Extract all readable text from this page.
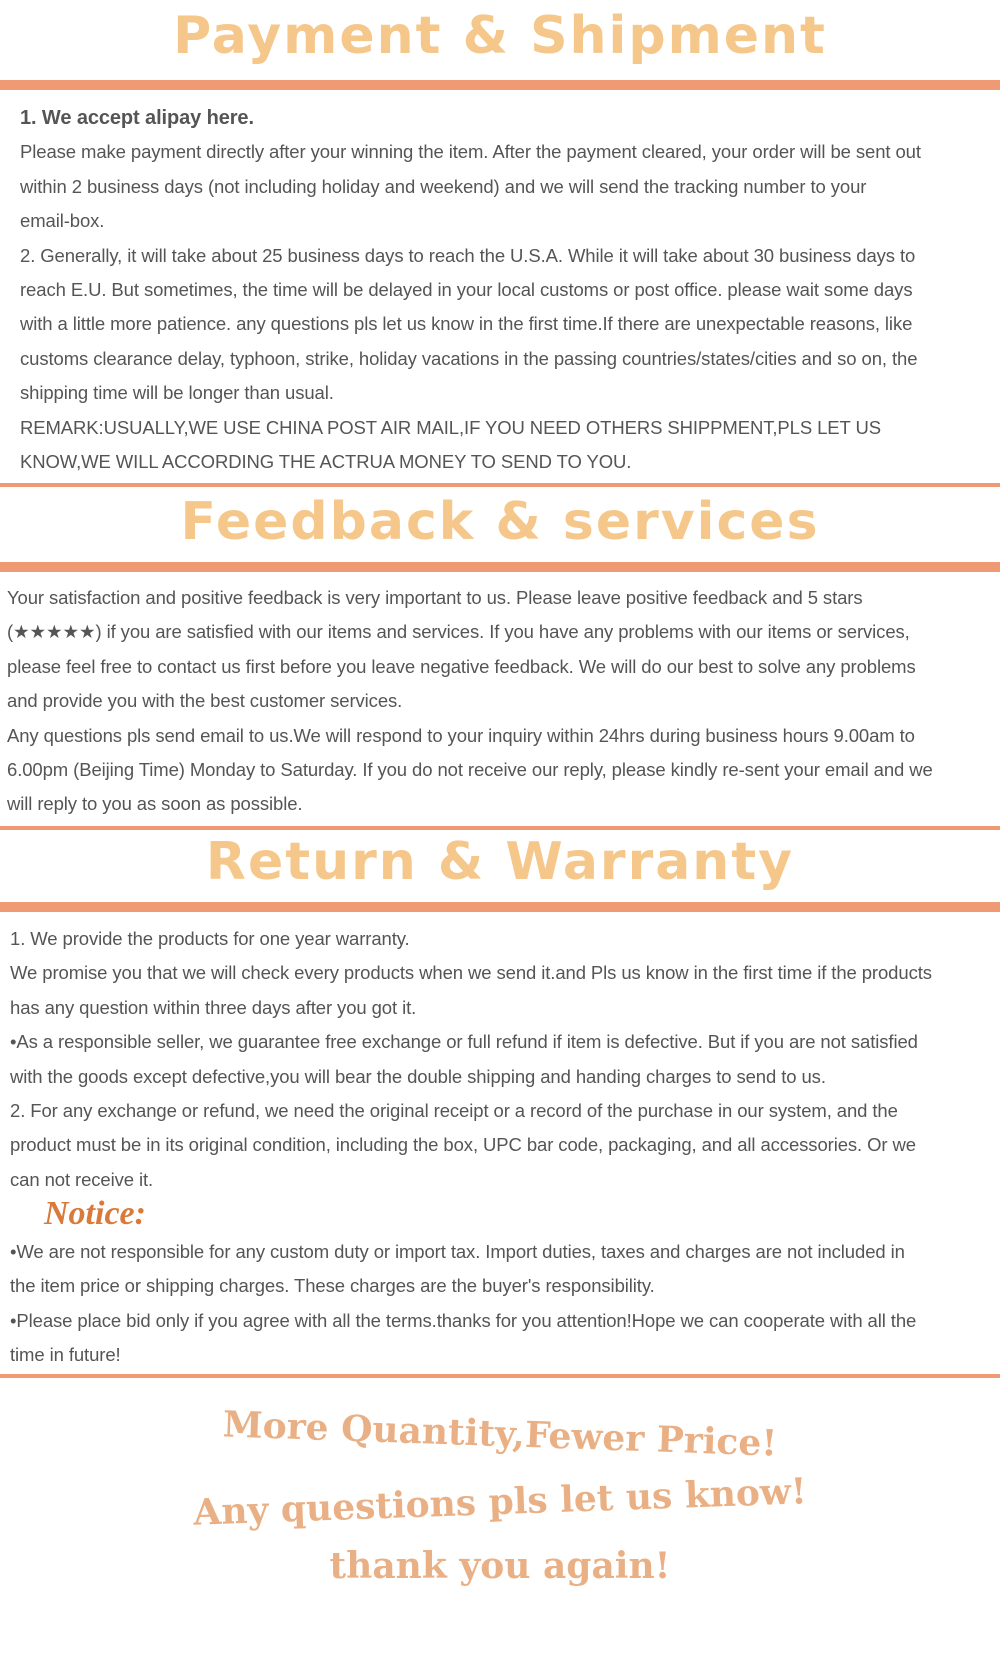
Payment & Shipment

1. We accept alipay here.

Please make payment directly after your winning the item. After the payment cleared, your order will be sent out

within 2 business days (not including holiday and weekend) and we will send the tracking number to your

email-box.

2. Generally, it will take about 25 business days to reach the U.S.A. While it will take about 30 business days to

reach E.U. But sometimes, the time will be delayed in your local customs or post office. please wait some days

with a little more patience. any questions pls let us know in the first time.If there are unexpectable reasons, like

customs clearance delay, typhoon, strike, holiday vacations in the passing countries/states/cities and so on, the

shipping time will be longer than usual.

REMARK:USUALLY,WE USE CHINA POST AIR MAIL,IF YOU NEED OTHERS SHIPPMENT,PLS LET US

KNOW,WE WILL ACCORDING THE ACTRUA MONEY TO SEND TO YOU.

Feedback & services

Your satisfaction and positive feedback is very important to us. Please leave positive feedback and 5 stars

(★★★★★) if you are satisfied with our items and services. If you have any problems with our items or services,

please feel free to contact us first before you leave negative feedback. We will do our best to solve any problems

and provide you with the best customer services.

Any questions pls send email to us.We will respond to your inquiry within 24hrs during business hours 9.00am to

6.00pm (Beijing Time) Monday to Saturday. If you do not receive our reply, please kindly re-sent your email and we

will reply to you as soon as possible.

Return & Warranty

1. We provide the products for one year warranty.

We promise you that we will check every products when we send it.and Pls us know in the first time if the products

has any question within three days after you got it.

•As a responsible seller, we guarantee free exchange or full refund if item is defective. But if you are not satisfied

with the goods except defective,you will bear the double shipping and handing charges to send to us.

2. For any exchange or refund, we need the original receipt or a record of the purchase in our system, and the

product must be in its original condition, including the box, UPC bar code, packaging, and all accessories. Or we

can not receive it.

Notice:

•We are not responsible for any custom duty or import tax. Import duties, taxes and charges are not included in

the item price or shipping charges. These charges are the buyer's responsibility.

•Please place bid only if you agree with all the terms.thanks for you attention!Hope we can cooperate with all the

time in future!

More Quantity,Fewer Price!
Any questions pls let us know!
thank you again!
